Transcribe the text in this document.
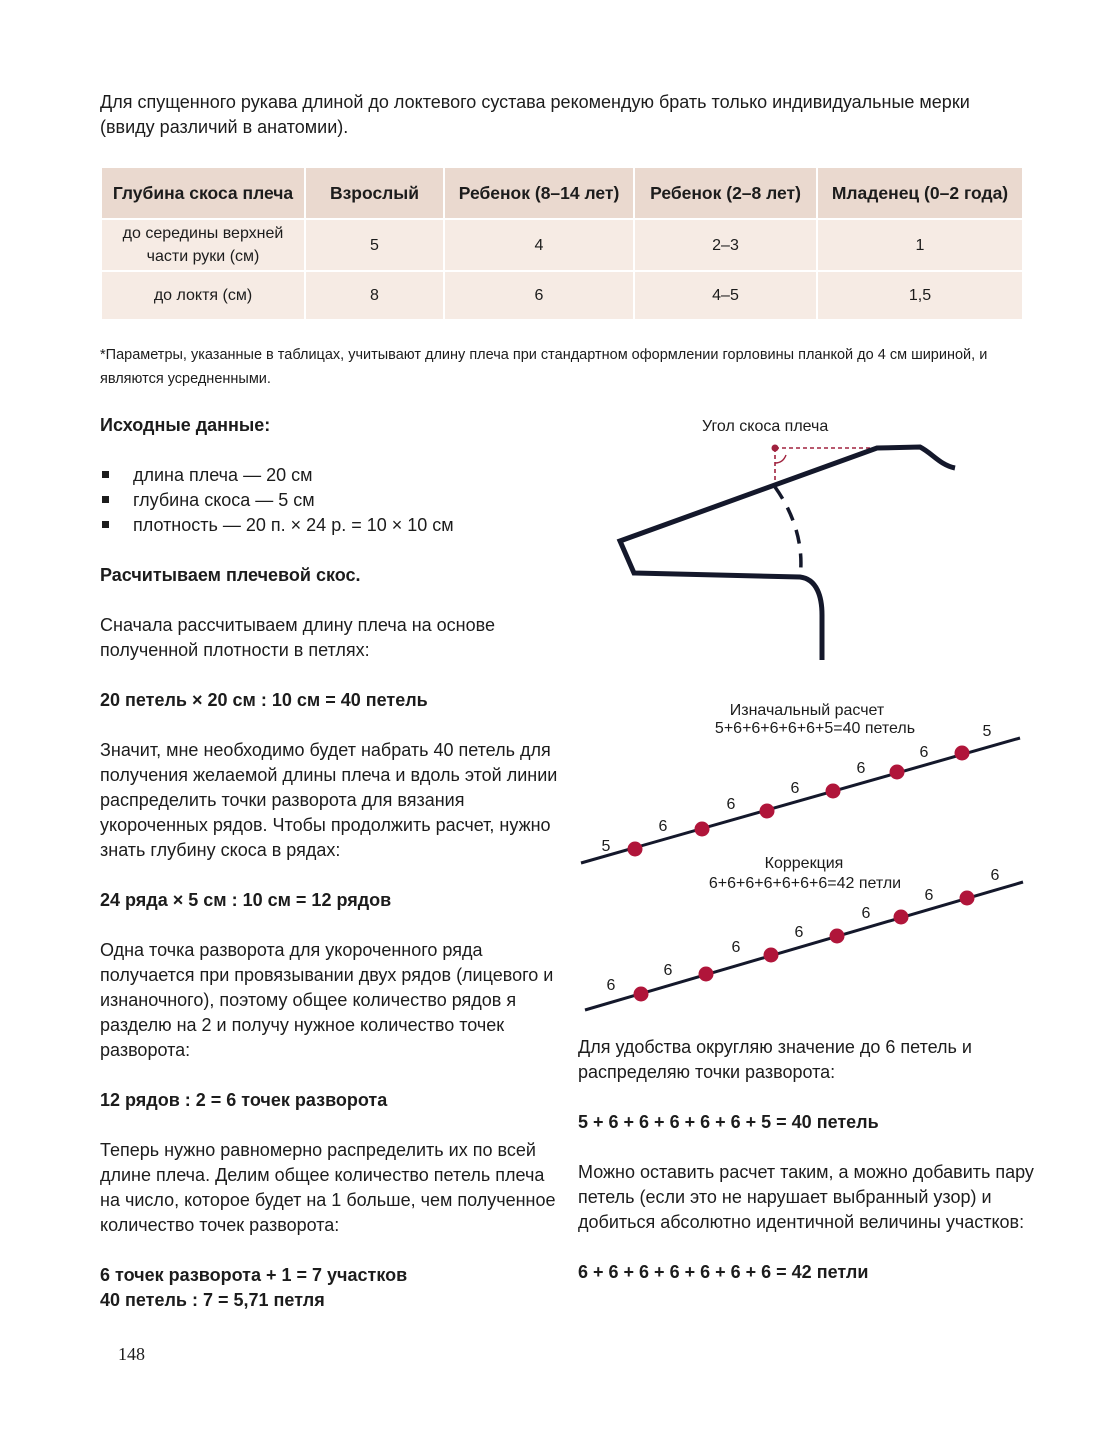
Для спущенного рукава длиной до локтевого сустава рекомендую брать только индивидуальные мерки (ввиду различий в анатомии).
Глубина скоса плеча	Взрослый	Ребенок (8–14 лет)	Ребенок (2–8 лет)	Младенец (0–2 года)
до середины верхней части руки (см)	5	4	2–3	1
до локтя (см)	8	6	4–5	1,5
*Параметры, указанные в таблицах, учитывают длину плеча при стандартном оформлении горловины планкой до 4 см шириной, и являются усредненными.

Исходные данные:

длина плеча — 20 см
глубина скоса — 5 см
плотность — 20 п. × 24 р. = 10 × 10 см

Расчитываем плечевой скос.

Сначала рассчитываем длину плеча на основе полученной плотности в петлях:

20 петель × 20 см : 10 см = 40 петель

Значит, мне необходимо будет набрать 40 петель для получения желаемой длины плеча и вдоль этой линии распределить точки разворота для вязания укороченных рядов. Чтобы продолжить расчет, нужно знать глубину скоса в рядах:

24 ряда × 5 см : 10 см = 12 рядов

Одна точка разворота для укороченного ряда получается при провязывании двух рядов (лицевого и изнаночного), поэтому общее количество рядов я разделю на 2 и получу нужное количество точек разворота:

12 рядов : 2 = 6 точек разворота

Теперь нужно равномерно распределить их по всей длине плеча. Делим общее количество петель плеча на число, которое будет на 1 больше, чем полученное количество точек разворота:

6 точек разворота + 1 = 7 участков

40 петель : 7 = 5,71 петля

Угол скоса плеча
Изначальный расчет
5+6+6+6+6+6+5=40 петель
5
6
6
6
6
6
5
Коррекция
6+6+6+6+6+6+6=42 петли
6
6
6
6
6
6
6

Для удобства округляю значение до 6 петель и распределяю точки разворота:

5 + 6 + 6 + 6 + 6 + 6 + 5 = 40 петель

Можно оставить расчет таким, а можно добавить пару петель (если это не нарушает выбранный узор) и добиться абсолютно идентичной величины участков:

6 + 6 + 6 + 6 + 6 + 6 + 6 = 42 петли

148
